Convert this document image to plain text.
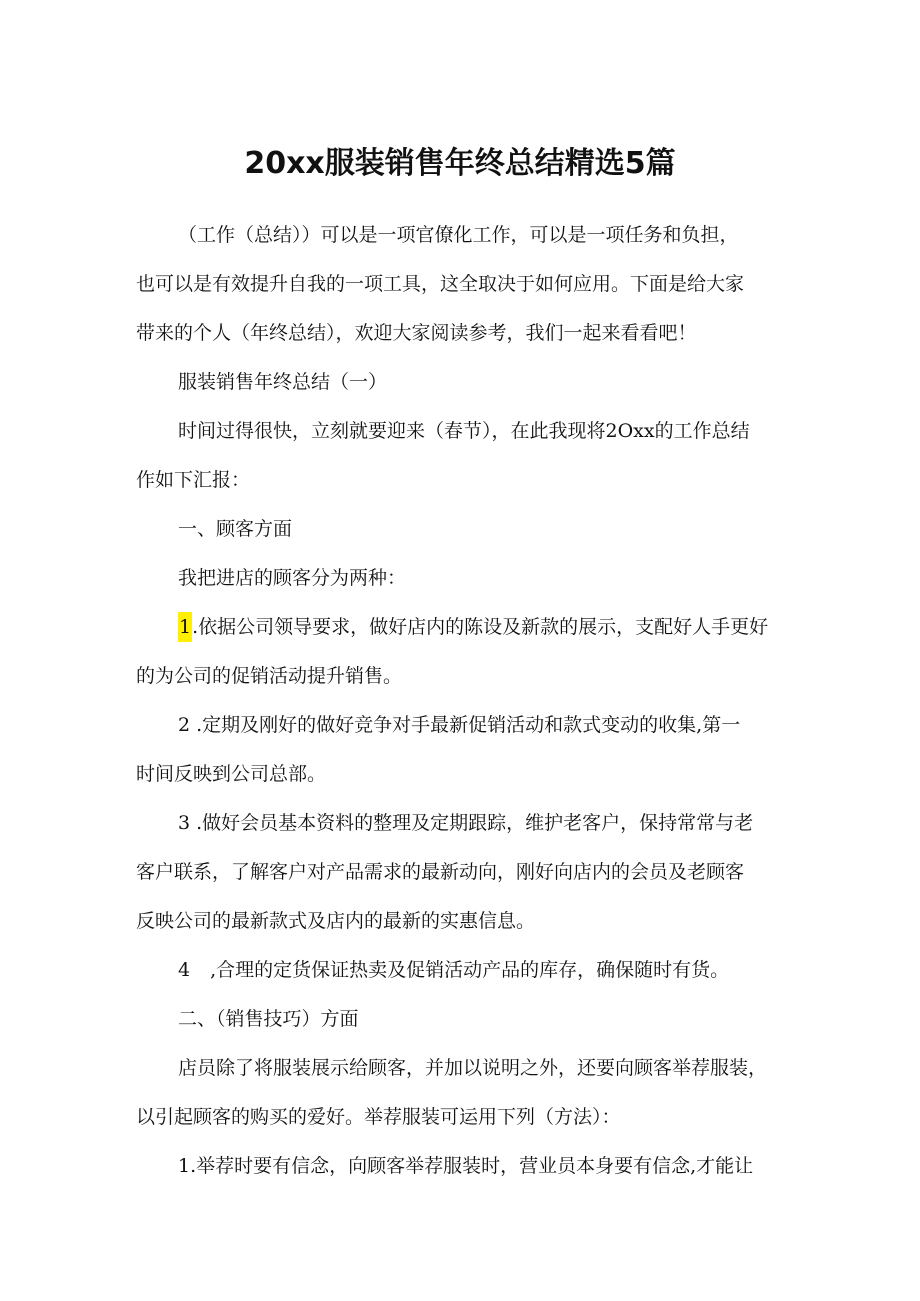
20xx服装销售年终总结精选5篇
（工作（总结））可以是一项官僚化工作，可以是一项任务和负担，
也可以是有效提升自我的一项工具，这全取决于如何应用。下面是给大家
带来的个人（年终总结），欢迎大家阅读参考，我们一起来看看吧！
服装销售年终总结（一）
时间过得很快，立刻就要迎来（春节），在此我现将2Oxx的工作总结
作如下汇报：
一、顾客方面
我把进店的顾客分为两种：
1.依据公司领导要求，做好店内的陈设及新款的展示，支配好人手更好
的为公司的促销活动提升销售。
2 .定期及刚好的做好竞争对手最新促销活动和款式变动的收集,第一
时间反映到公司总部。
3 .做好会员基本资料的整理及定期跟踪，维护老客户，保持常常与老
客户联系，了解客户对产品需求的最新动向，刚好向店内的会员及老顾客
反映公司的最新款式及店内的最新的实惠信息。
4 ,合理的定货保证热卖及促销活动产品的库存，确保随时有货。
二、（销售技巧）方面
店员除了将服装展示给顾客，并加以说明之外，还要向顾客举荐服装，
以引起顾客的购买的爱好。举荐服装可运用下列（方法）：
1.举荐时要有信念，向顾客举荐服装时，营业员本身要有信念,才能让
